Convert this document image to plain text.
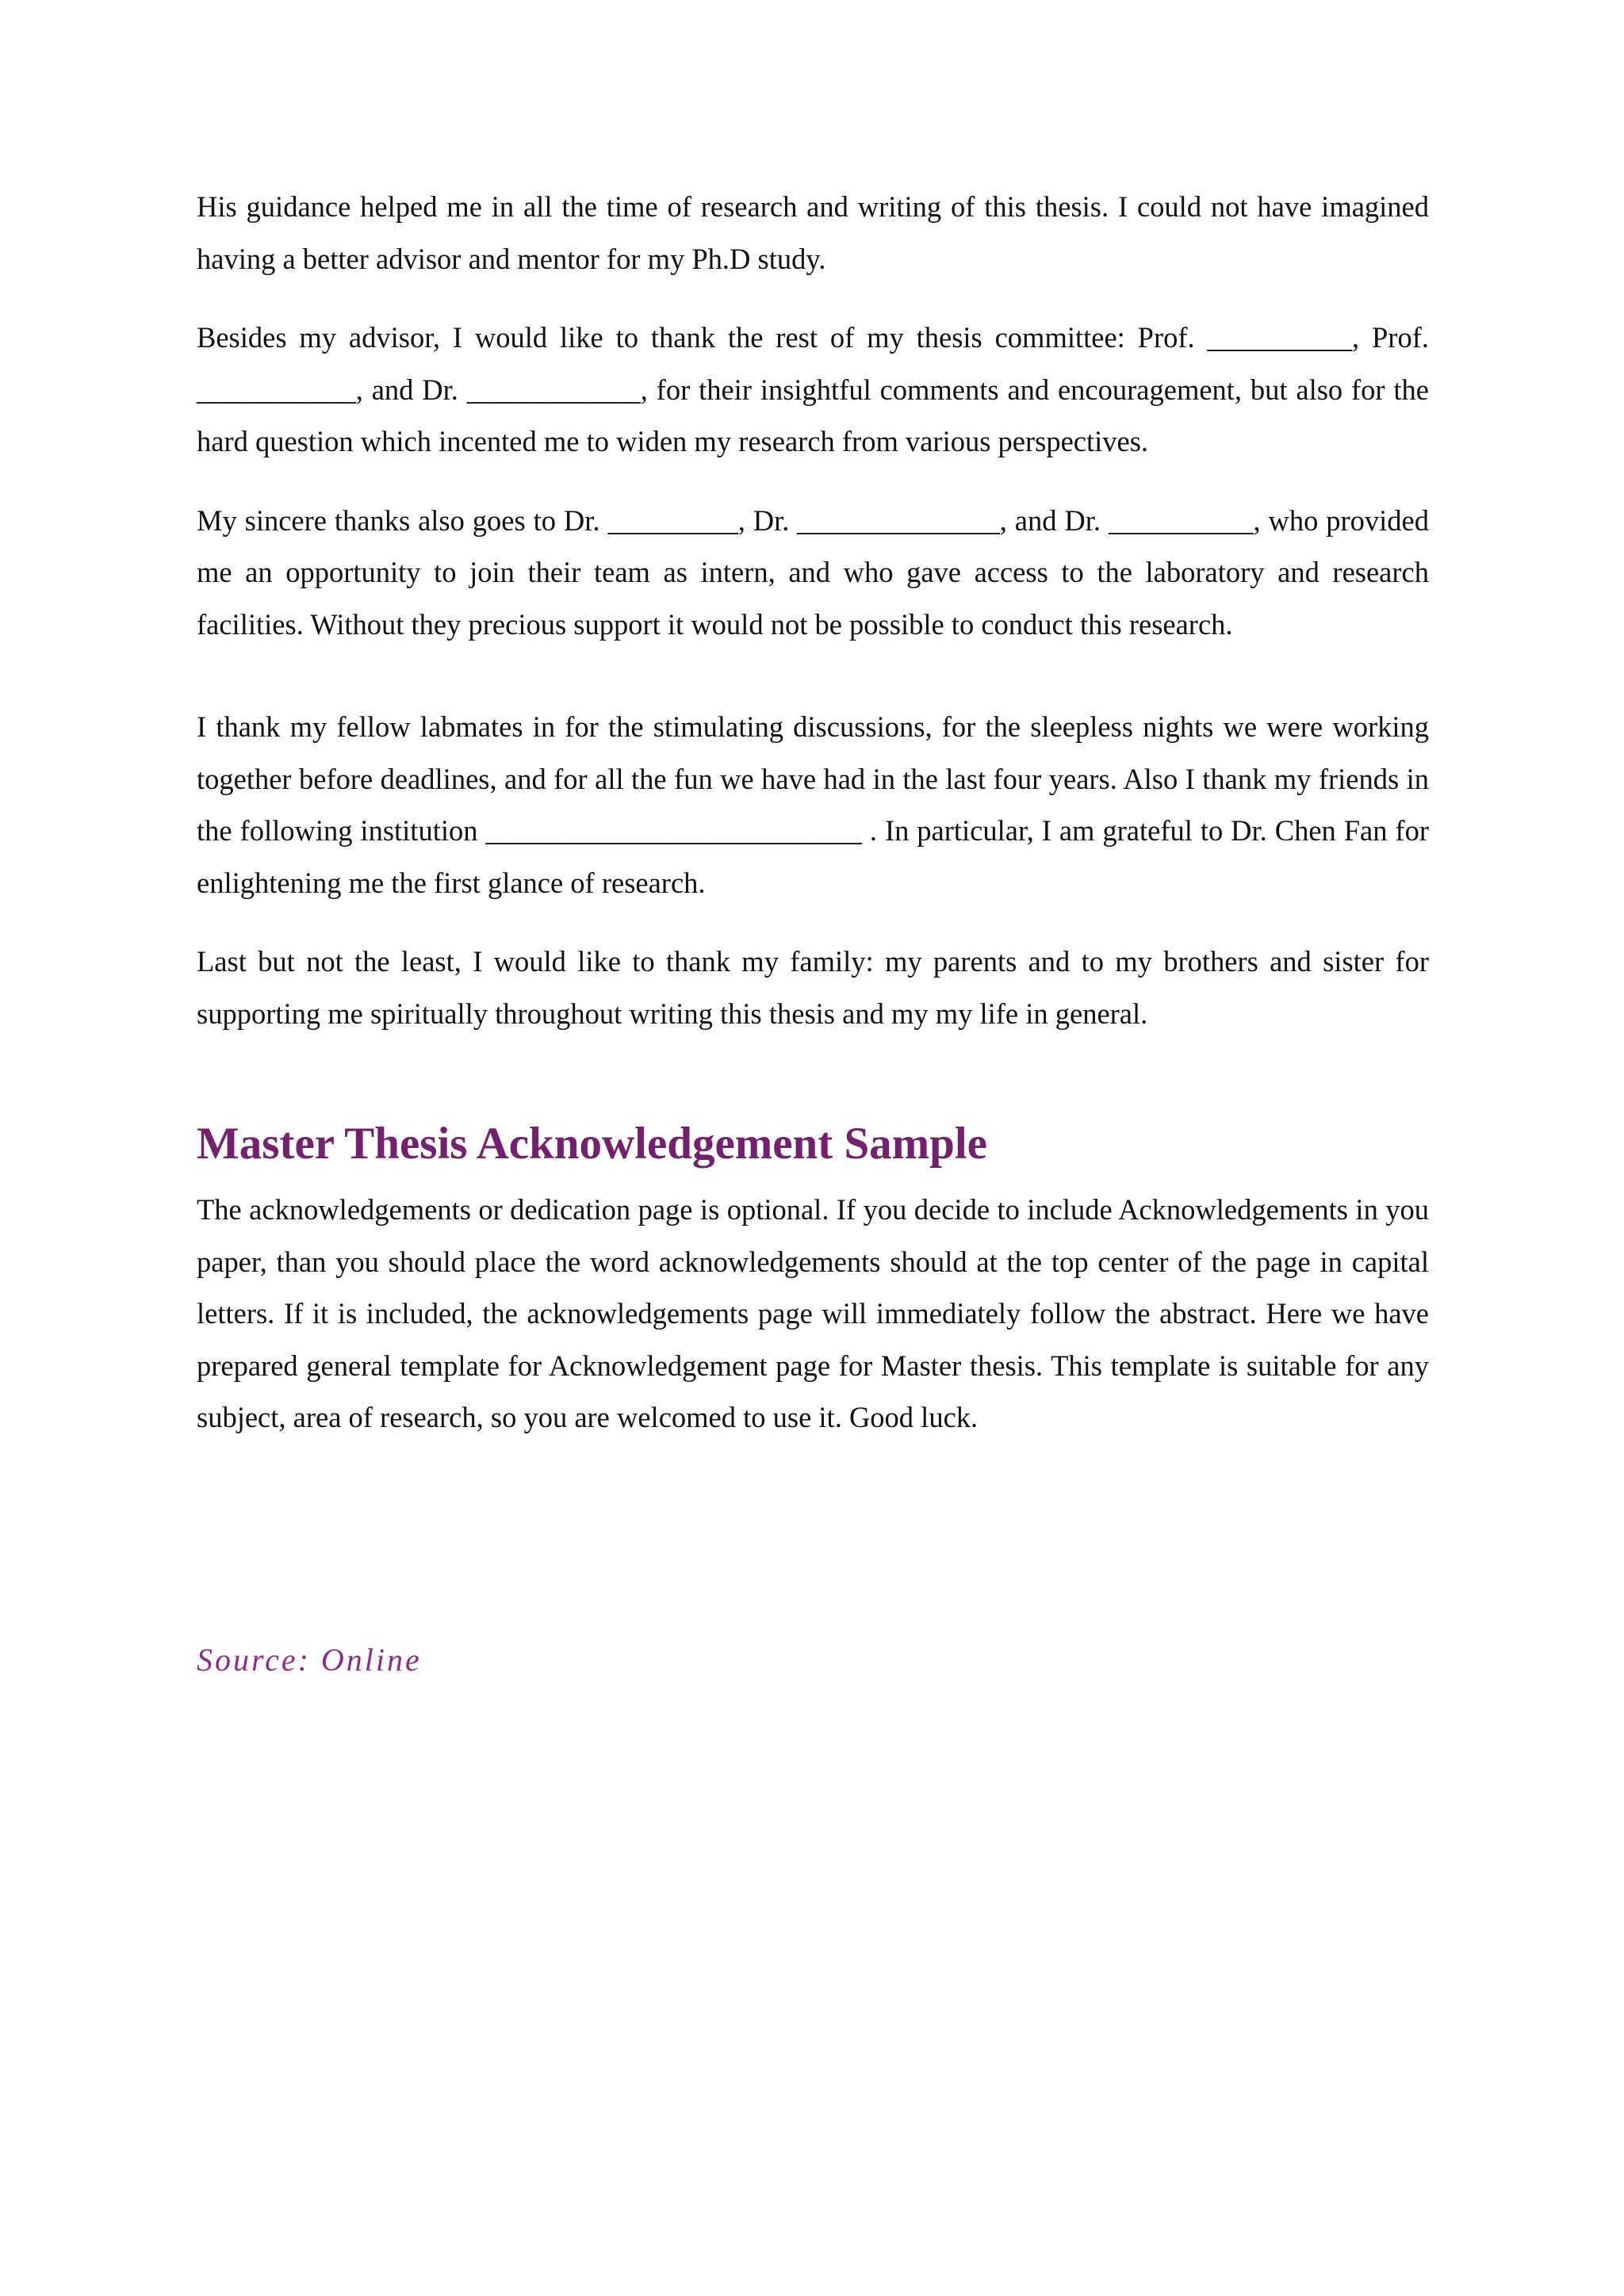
His guidance helped me in all the time of research and writing of this thesis. I could not have imagined having a better advisor and mentor for my Ph.D study.

Besides my advisor, I would like to thank the rest of my thesis committee: Prof. __________, Prof. ___________, and Dr. ____________, for their insightful comments and encouragement, but also for the hard question which incented me to widen my research from various perspectives.

My sincere thanks also goes to Dr. _________, Dr. ______________, and Dr. __________, who provided me an opportunity to join their team as intern, and who gave access to the laboratory and research facilities. Without they precious support it would not be possible to conduct this research.

I thank my fellow labmates in for the stimulating discussions, for the sleepless nights we were working together before deadlines, and for all the fun we have had in the last four years. Also I thank my friends in the following institution __________________________ . In particular, I am grateful to Dr. Chen Fan for enlightening me the first glance of research.

Last but not the least, I would like to thank my family: my parents and to my brothers and sister for supporting me spiritually throughout writing this thesis and my my life in general.

Master Thesis Acknowledgement Sample

The acknowledgements or dedication page is optional. If you decide to include Acknowledgements in you paper, than you should place the word acknowledgements should at the top center of the page in capital letters. If it is included, the acknowledgements page will immediately follow the abstract. Here we have prepared general template for Acknowledgement page for Master thesis. This template is suitable for any subject, area of research, so you are welcomed to use it. Good luck.

Source: Online
